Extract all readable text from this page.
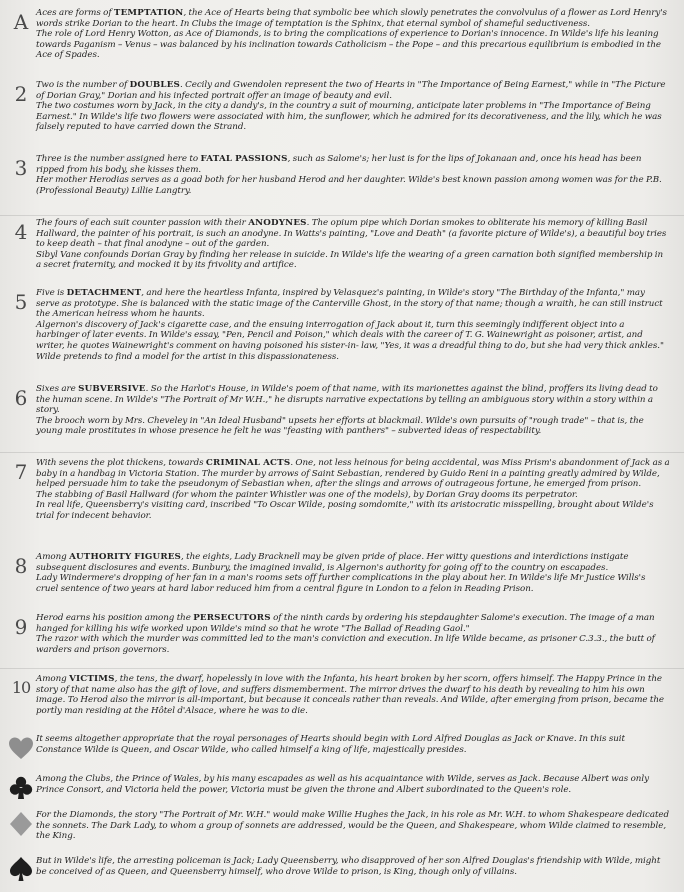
A Aces are forms of TEMPTATION, the Ace of Hearts being that symbolic bee which slowly penetrates the convolvulus of a flower as Lord Henry's words strike Dorian to the heart. In Clubs the image of temptation is the Sphinx, that eternal symbol of shameful seductiveness.

The role of Lord Henry Wotton, as Ace of Diamonds, is to bring the complications of experience to Dorian's innocence. In Wilde's life his leaning towards Paganism – Venus – was balanced by his inclination towards Catholicism – the Pope – and this precarious equilibrium is embodied in the Ace of Spades.

2 Two is the number of DOUBLES. Cecily and Gwendolen represent the two of Hearts in "The Importance of Being Earnest," while in "The Picture of Dorian Gray," Dorian and his infected portrait offer an image of beauty and evil.

The two costumes worn by Jack, in the city a dandy's, in the country a suit of mourning, anticipate later problems in "The Importance of Being Earnest." In Wilde's life two flowers were associated with him, the sunflower, which he admired for its decorativeness, and the lily, which he was falsely reputed to have carried down the Strand.

3 Three is the number assigned here to FATAL PASSIONS, such as Salome's; her lust is for the lips of Jokanaan and, once his head has been ripped from his body, she kisses them.

Her mother Herodias serves as a goad both for her husband Herod and her daughter. Wilde's best known passion among women was for the P.B. (Professional Beauty) Lillie Langtry.

4 The fours of each suit counter passion with their ANODYNES. The opium pipe which Dorian smokes to obliterate his memory of killing Basil Hallward, the painter of his portrait, is such an anodyne. In Watts's painting, "Love and Death" (a favorite picture of Wilde's), a beautiful boy tries to keep death – that final anodyne – out of the garden.

Sibyl Vane confounds Dorian Gray by finding her release in suicide. In Wilde's life the wearing of a green carnation both signified membership in a secret fraternity, and mocked it by its frivolity and artifice.

5 Five is DETACHMENT, and here the heartless Infanta, inspired by Velasquez's painting, in Wilde's story "The Birthday of the Infanta," may serve as prototype. She is balanced with the static image of the Canterville Ghost, in the story of that name; though a wraith, he can still instruct the American heiress whom he haunts.

Algernon's discovery of Jack's cigarette case, and the ensuing interrogation of Jack about it, turn this seemingly indifferent object into a harbinger of later events. In Wilde's essay, "Pen, Pencil and Poison," which deals with the career of T. G. Wainewright as poisoner, artist, and writer, he quotes Wainewright's comment on having poisoned his sister-in- law, "Yes, it was a dreadful thing to do, but she had very thick ankles." Wilde pretends to find a model for the artist in this dispassionateness.

6 Sixes are SUBVERSIVE. So the Harlot's House, in Wilde's poem of that name, with its marionettes against the blind, proffers its living dead to the human scene. In Wilde's "The Portrait of Mr W.H.," he disrupts narrative expectations by telling an ambiguous story within a story within a story.

The brooch worn by Mrs. Cheveley in "An Ideal Husband" upsets her efforts at blackmail. Wilde's own pursuits of "rough trade" – that is, the young male prostitutes in whose presence he felt he was "feasting with panthers" – subverted ideas of respectability.

7 With sevens the plot thickens, towards CRIMINAL ACTS. One, not less heinous for being accidental, was Miss Prism's abandonment of Jack as a baby in a handbag in Victoria Station. The murder by arrows of Saint Sebastian, rendered by Guido Reni in a painting greatly admired by Wilde, helped persuade him to take the pseudonym of Sebastian when, after the slings and arrows of outrageous fortune, he emerged from prison.

The stabbing of Basil Hallward (for whom the painter Whistler was one of the models), by Dorian Gray dooms its perpetrator.

In real life, Queensberry's visiting card, inscribed "To Oscar Wilde, posing somdomite," with its aristocratic misspelling, brought about Wilde's trial for indecent behavior.

8 Among AUTHORITY FIGURES, the eights, Lady Bracknell may be given pride of place. Her witty questions and interdictions instigate subsequent disclosures and events. Bunbury, the imagined invalid, is Algernon's authority for going off to the country on escapades.

Lady Windermere's dropping of her fan in a man's rooms sets off further complications in the play about her. In Wilde's life Mr Justice Wills's cruel sentence of two years at hard labor reduced him from a central figure in London to a felon in Reading Prison.

9 Herod earns his position among the PERSECUTORS of the ninth cards by ordering his stepdaughter Salome's execution. The image of a man hanged for killing his wife worked upon Wilde's mind so that he wrote "The Ballad of Reading Gaol."

The razor with which the murder was committed led to the man's conviction and execution. In life Wilde became, as prisoner C.3.3., the butt of warders and prison governors.

10 Among VICTIMS, the tens, the dwarf, hopelessly in love with the Infanta, his heart broken by her scorn, offers himself. The Happy Prince in the story of that name also has the gift of love, and suffers dismemberment. The mirror drives the dwarf to his death by revealing to him his own image. To Herod also the mirror is all-important, but because it conceals rather than reveals. And Wilde, after emerging from prison, became the portly man residing at the Hôtel d'Alsace, where he was to die.

It seems altogether appropriate that the royal personages of Hearts should begin with Lord Alfred Douglas as Jack or Knave. In this suit Constance Wilde is Queen, and Oscar Wilde, who called himself a king of life, majestically presides.

Among the Clubs, the Prince of Wales, by his many escapades as well as his acquaintance with Wilde, serves as Jack. Because Albert was only Prince Consort, and Victoria held the power, Victoria must be given the throne and Albert subordinated to the Queen's role.

For the Diamonds, the story "The Portrait of Mr. W.H." would make Willie Hughes the Jack, in his role as Mr. W.H. to whom Shakespeare dedicated the sonnets. The Dark Lady, to whom a group of sonnets are addressed, would be the Queen, and Shakespeare, whom Wilde claimed to resemble, the King.

But in Wilde's life, the arresting policeman is Jack; Lady Queensberry, who disapproved of her son Alfred Douglas's friendship with Wilde, might be conceived of as Queen, and Queensberry himself, who drove Wilde to prison, is King, though only of villains.
